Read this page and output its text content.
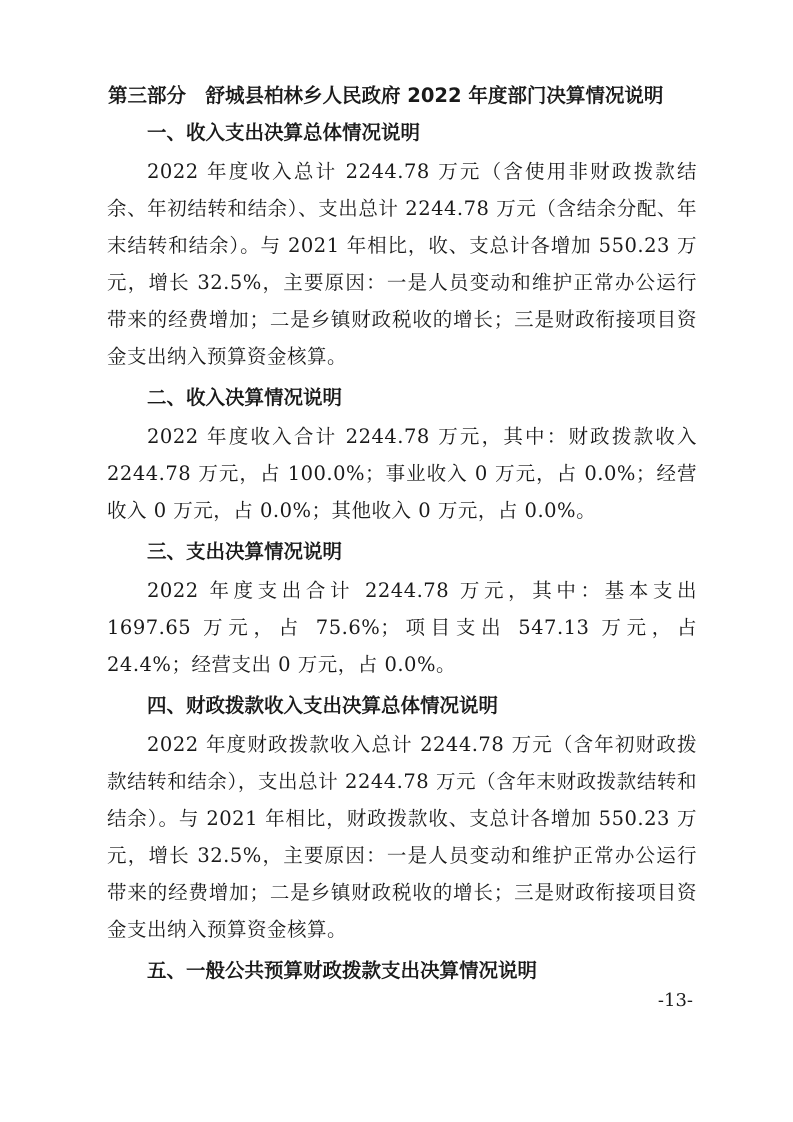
第三部分　舒城县柏林乡人民政府 2022 年度部门决算情况说明
一、收入支出决算总体情况说明

2022 年度收入总计 2244.78 万元（含使用非财政拨款结余、年初结转和结余）、支出总计 2244.78 万元（含结余分配、年末结转和结余）。与 2021 年相比，收、支总计各增加 550.23 万元，增长 32.5%，主要原因：一是人员变动和维护正常办公运行带来的经费增加；二是乡镇财政税收的增长；三是财政衔接项目资金支出纳入预算资金核算。

二、收入决算情况说明

2022 年度收入合计 2244.78 万元，其中：财政拨款收入 2244.78 万元，占 100.0%；事业收入 0 万元，占 0.0%；经营收入 0 万元，占 0.0%；其他收入 0 万元，占 0.0%。

三、支出决算情况说明

2022 年度支出合计 2244.78 万元，其中：基本支出 1697.65 万元，占 75.6%；项目支出 547.13 万元，占 24.4%；经营支出 0 万元，占 0.0%。

四、财政拨款收入支出决算总体情况说明

2022 年度财政拨款收入总计 2244.78 万元（含年初财政拨款结转和结余），支出总计 2244.78 万元（含年末财政拨款结转和结余）。与 2021 年相比，财政拨款收、支总计各增加 550.23 万元，增长 32.5%，主要原因：一是人员变动和维护正常办公运行带来的经费增加；二是乡镇财政税收的增长；三是财政衔接项目资金支出纳入预算资金核算。

五、一般公共预算财政拨款支出决算情况说明
-13-
